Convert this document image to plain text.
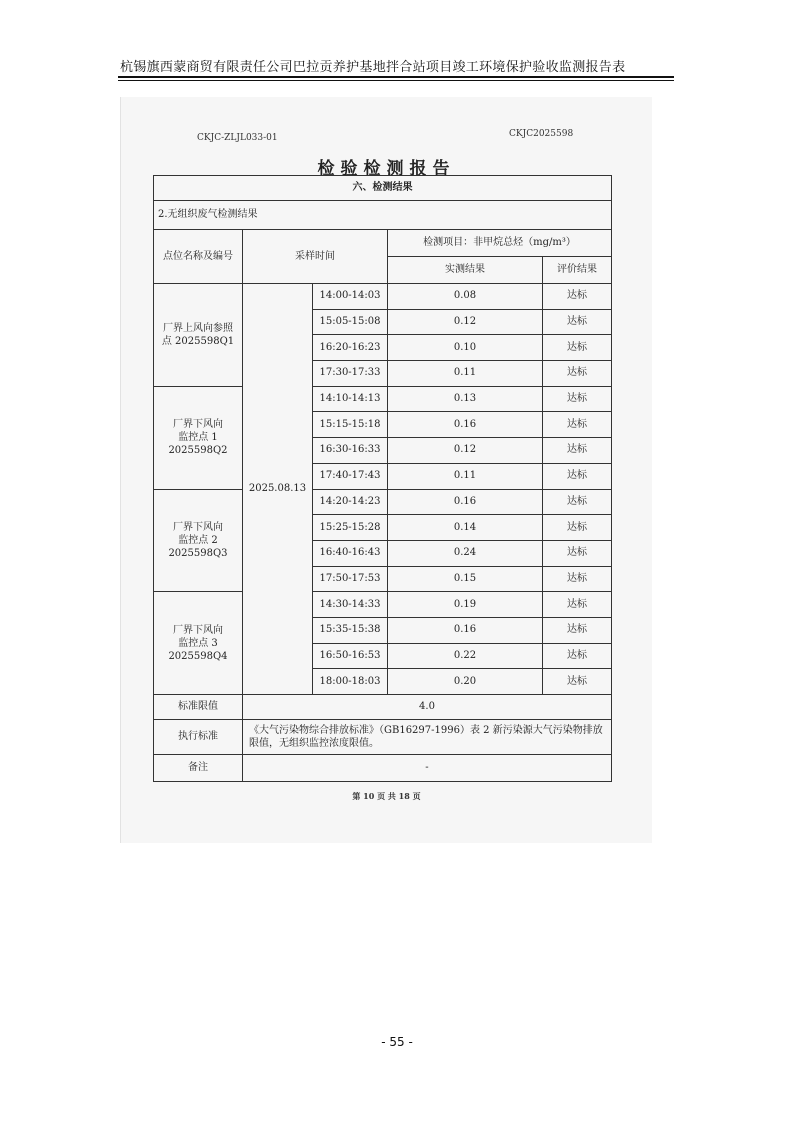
杭锡旗西蒙商贸有限责任公司巴拉贡养护基地拌合站项目竣工环境保护验收监测报告表
CKJC-ZLJL033-01	CKJC2025598
检验检测报告
六、检测结果				
2.无组织废气检测结果				
点位名称及编号	采样时间		检测项目：非甲烷总烃（mg/m³）	
			实测结果	评价结果

厂界上风向参照
点 2025598Q1	2025.08.13	14:00-14:03	0.08	达标
		15:05-15:08	0.12	达标
		16:20-16:23	0.10	达标
		17:30-17:33	0.11	达标

厂界下风向
监控点 1
2025598Q2		14:10-14:13	0.13	达标
		15:15-15:18	0.16	达标
		16:30-16:33	0.12	达标
		17:40-17:43	0.11	达标

厂界下风向
监控点 2
2025598Q3		14:20-14:23	0.16	达标
		15:25-15:28	0.14	达标
		16:40-16:43	0.24	达标
		17:50-17:53	0.15	达标

厂界下风向
监控点 3
2025598Q4		14:30-14:33	0.19	达标
		15:35-15:38	0.16	达标
		16:50-16:53	0.22	达标
		18:00-18:03	0.20	达标
标准限值	4.0			
执行标准	《大气污染物综合排放标准》（GB16297-1996）表 2 新污染源大气污染物排放限值，无组织监控浓度限值。			
备注	-			
第 10 页 共 18 页
- 55 -
